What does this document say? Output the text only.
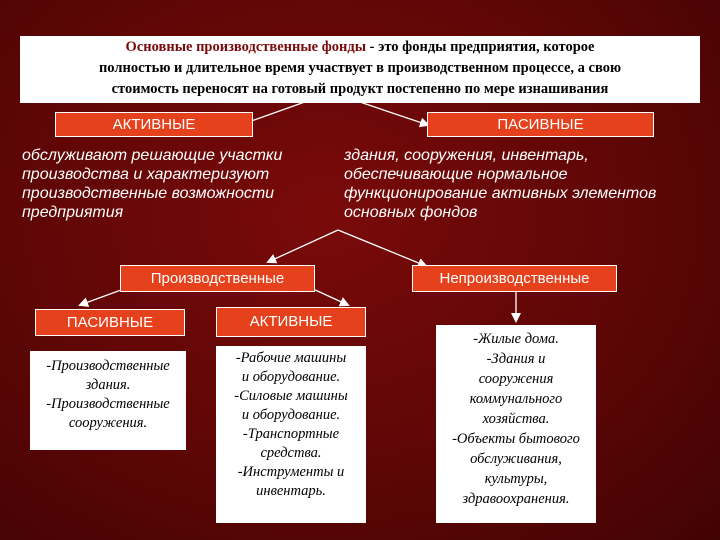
Основные производственные фонды - это фонды предприятия, которое
полностью и длительное время участвует в производственном процессе, а свою
стоимость переносят на готовый продукт постепенно по мере изнашивания
АКТИВНЫЕ	ПАСИВНЫЕ
обслуживают решающие участки
производства и характеризуют
производственные возможности
предприятия
здания, сооружения, инвентарь,
обеспечивающие нормальное
функционирование активных элементов
основных фондов
Производственные	Непроизводственные
ПАСИВНЫЕ	АКТИВНЫЕ
-Производственные
здания.
-Производственные
сооружения.
-Рабочие машины
и оборудование.
-Силовые машины
и оборудование.
-Транспортные
средства.
-Инструменты и
инвентарь.
-Жилые дома.
-Здания и
сооружения
коммунального
хозяйства.
-Объекты бытового
обслуживания,
культуры,
здравоохранения.
